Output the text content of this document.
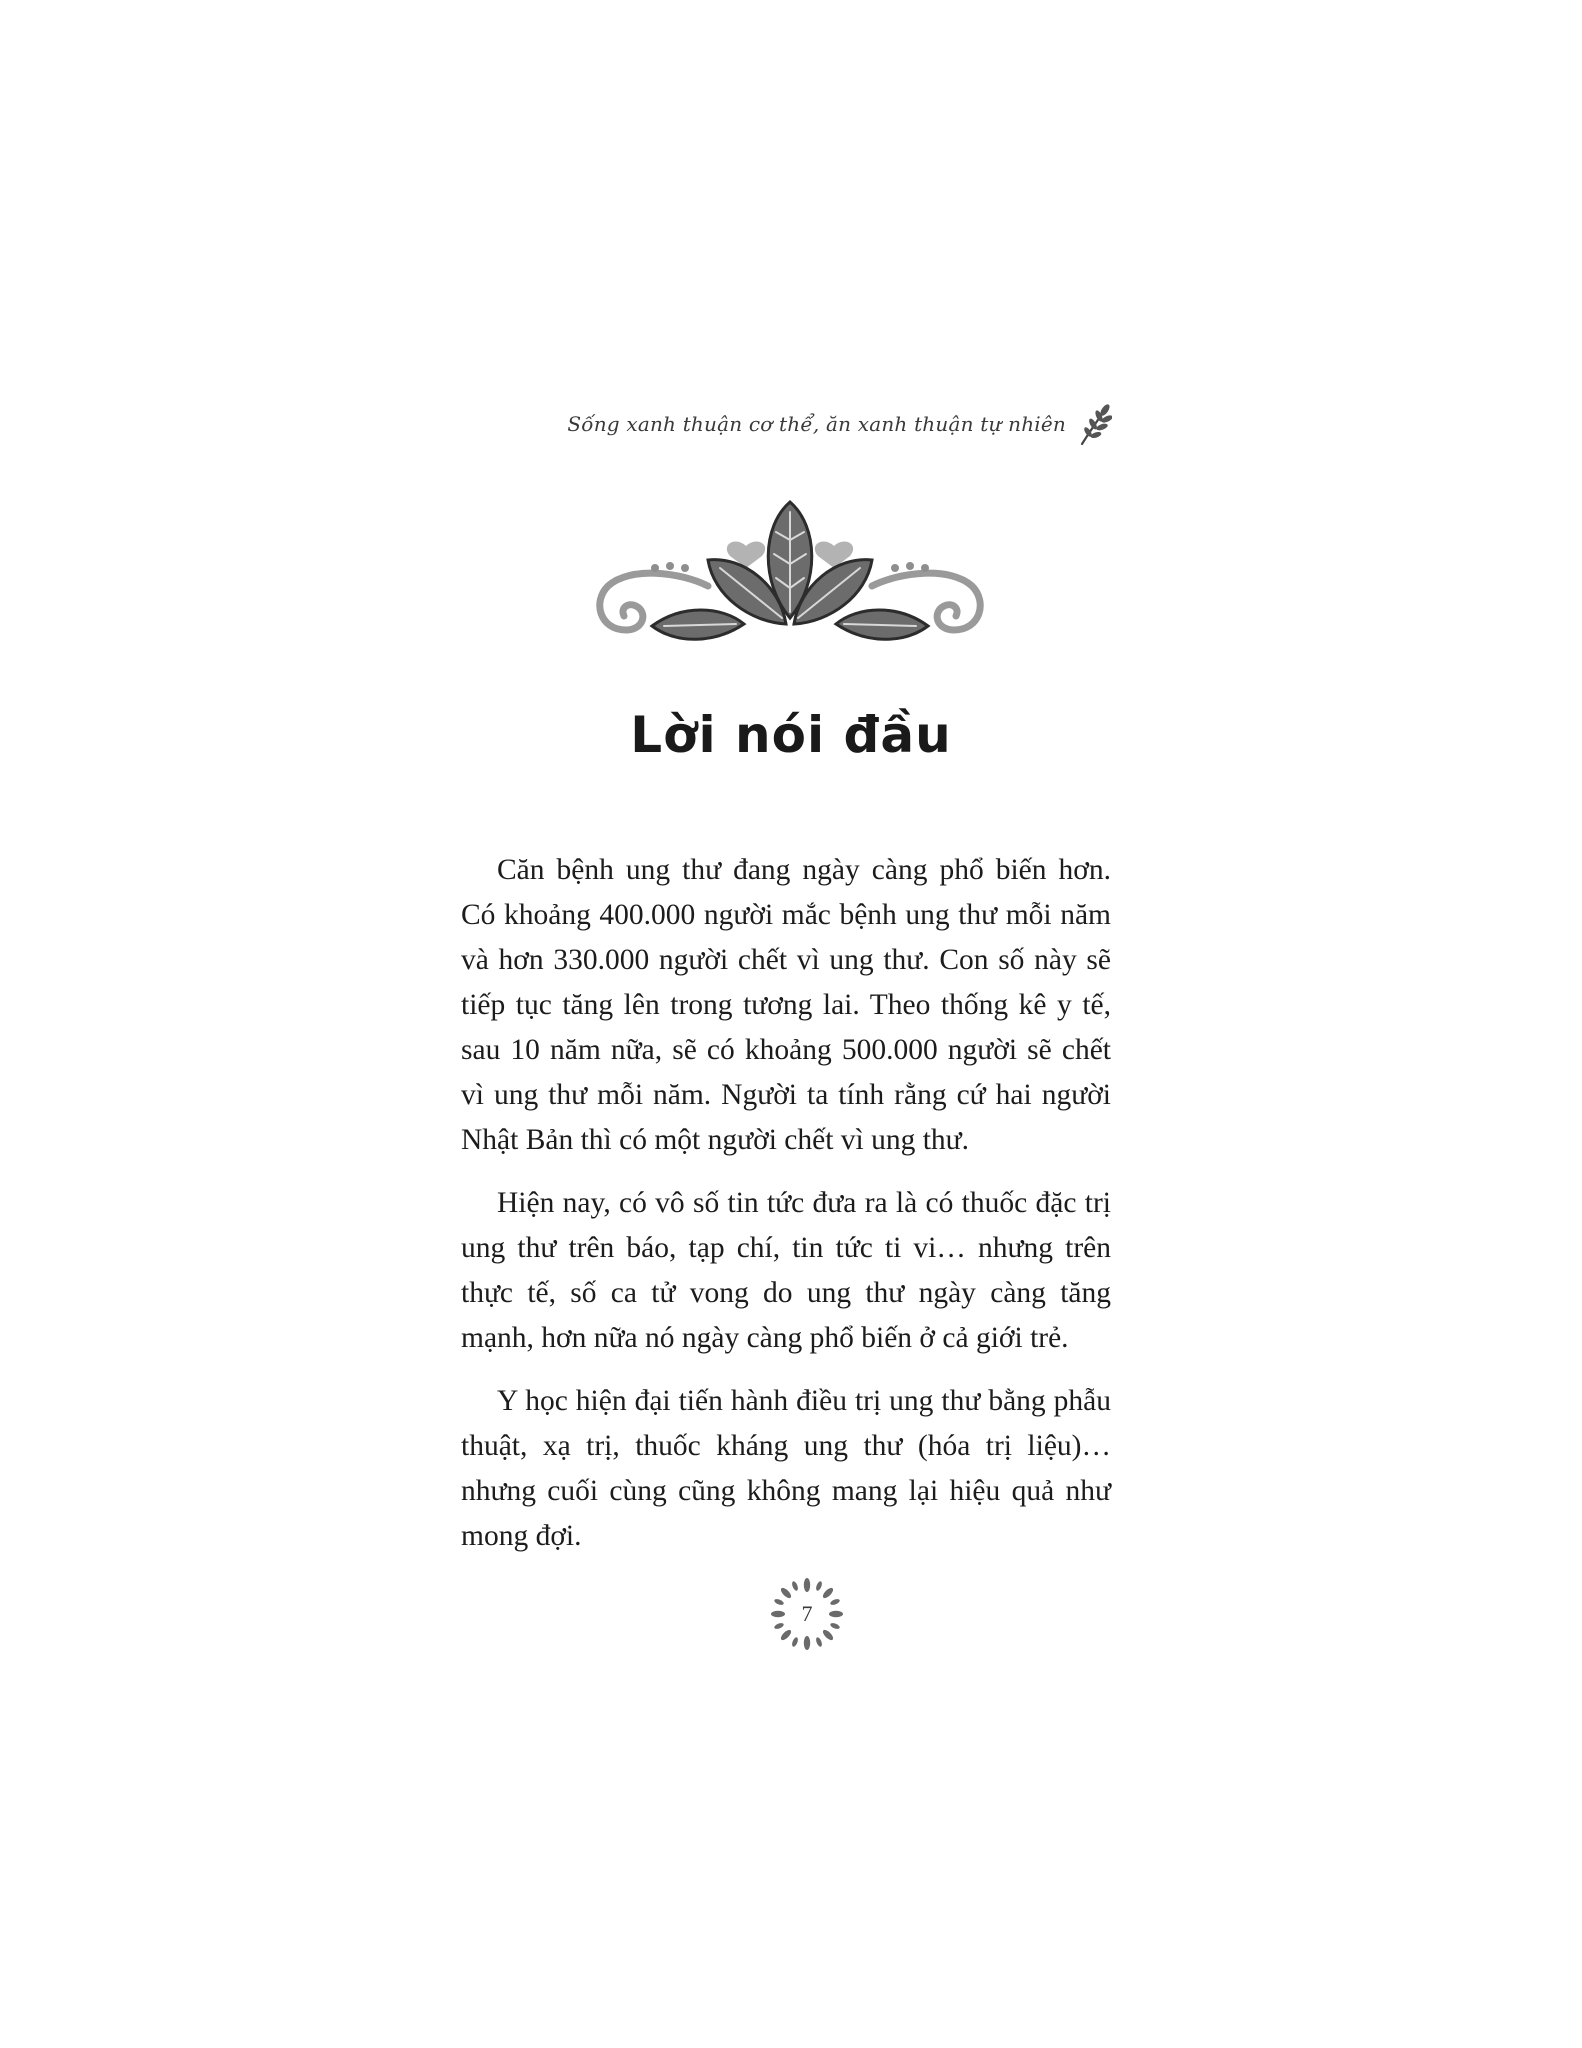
Sống xanh thuận cơ thể, ăn xanh thuận tự nhiên
Lời nói đầu

Căn bệnh ung thư đang ngày càng phổ biến hơn. Có khoảng 400.000 người mắc bệnh ung thư mỗi năm và hơn 330.000 người chết vì ung thư. Con số này sẽ tiếp tục tăng lên trong tương lai. Theo thống kê y tế, sau 10 năm nữa, sẽ có khoảng 500.000 người sẽ chết vì ung thư mỗi năm. Người ta tính rằng cứ hai người Nhật Bản thì có một người chết vì ung thư.

Hiện nay, có vô số tin tức đưa ra là có thuốc đặc trị ung thư trên báo, tạp chí, tin tức ti vi… nhưng trên thực tế, số ca tử vong do ung thư ngày càng tăng mạnh, hơn nữa nó ngày càng phổ biến ở cả giới trẻ.

Y học hiện đại tiến hành điều trị ung thư bằng phẫu thuật, xạ trị, thuốc kháng ung thư (hóa trị liệu)… nhưng cuối cùng cũng không mang lại hiệu quả như mong đợi.

7
